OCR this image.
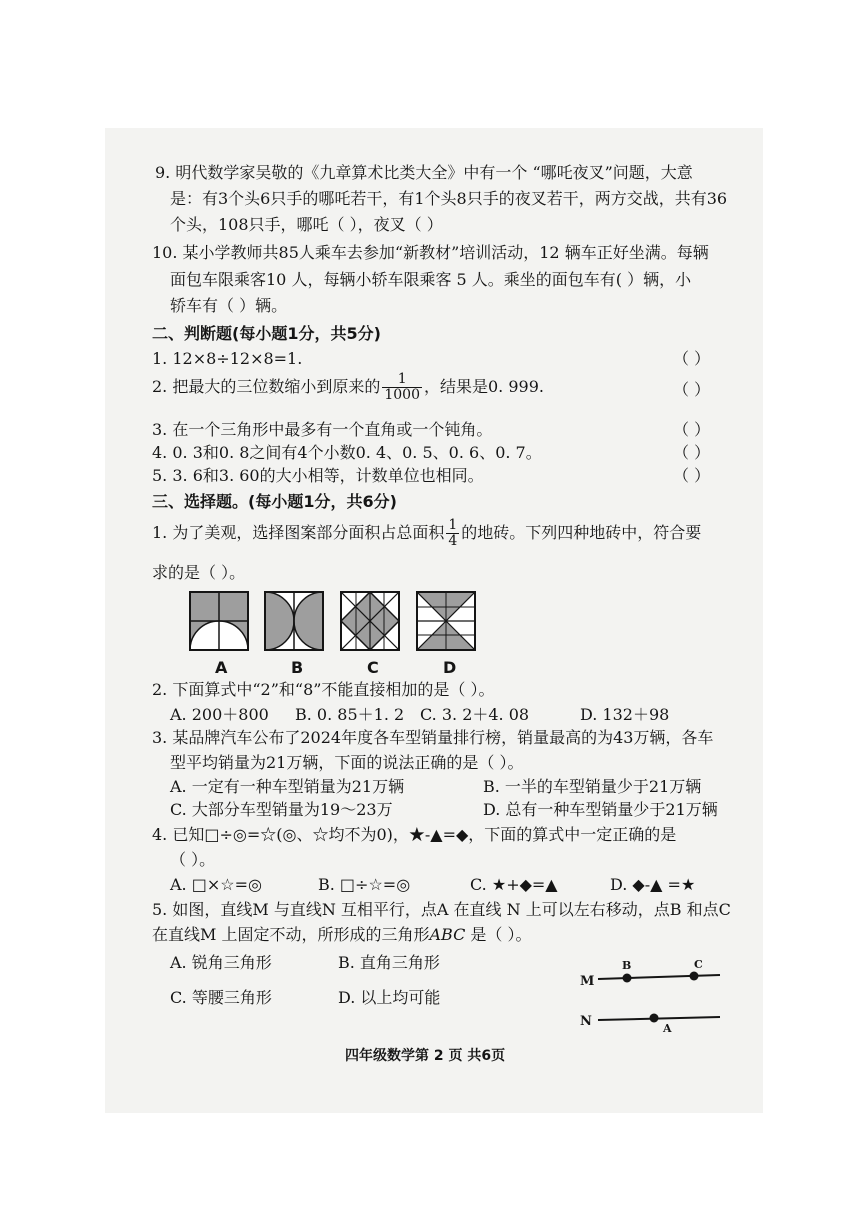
9. 明代数学家吴敬的《九章算术比类大全》中有一个 “哪吒夜叉”问题，大意
是：有3个头6只手的哪吒若干，有1个头8只手的夜叉若干，两方交战，共有36
个头，108只手，哪吒（ ），夜叉（ ）
10. 某小学教师共85人乘车去参加“新教材”培训活动，12 辆车正好坐满。每辆
面包车限乘客10 人，每辆小轿车限乘客 5 人。乘坐的面包车有( ）辆，小
轿车有（ ）辆。
二、判断题(每小题1分，共5分)
1. 12×8÷12×8=1.	（ ）
2. 把最大的三位数缩小到原来的 $\frac{1}{1000}$ ，结果是0. 999.	（ ）
3. 在一个三角形中最多有一个直角或一个钝角。	（ ）
4. 0. 3和0. 8之间有4个小数0. 4、0. 5、0. 6、0. 7。	（ ）
5. 3. 6和3. 60的大小相等，计数单位也相同。	（ ）
三、选择题。(每小题1分，共6分)
1. 为了美观，选择图案部分面积占总面积 $\frac{1}{4}$ 的地砖。下列四种地砖中，符合要
求的是（ ）。
A	B	C	D
2. 下面算式中“2”和“8”不能直接相加的是（ ）。
A. 200＋800 B. 0. 85＋1. 2 C. 3. 2＋4. 08	D. 132＋98
3. 某品牌汽车公布了2024年度各车型销量排行榜，销量最高的为43万辆，各车
型平均销量为21万辆，下面的说法正确的是（ ）。
A. 一定有一种车型销量为21万辆	B. 一半的车型销量少于21万辆
C. 大部分车型销量为19～23万	D. 总有一种车型销量少于21万辆
4. 已知□÷◎=☆(◎、☆均不为0)，★-▲=◆，下面的算式中一定正确的是
（ ）。
A. □×☆=◎	B. □÷☆=◎	C. ★+◆=▲	D. ◆-▲ =★
5. 如图，直线M 与直线N 互相平行，点A 在直线 N 上可以左右移动，点B 和点C
在直线M 上固定不动，所形成的三角形ABC 是（ ）。
A. 锐角三角形	B. 直角三角形
C. 等腰三角形	D. 以上均可能
M
N
B	C
A
四年级数学第 2 页 共6页
